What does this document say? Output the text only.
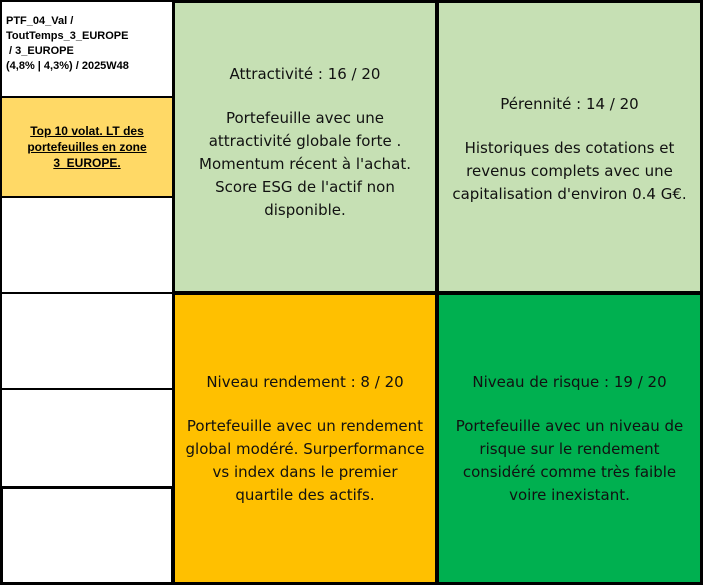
PTF_04_Val /
ToutTemps_3_EUROPE
/ 3_EUROPE
(4,8% | 4,3%) / 2025W48
Top 10 volat. LT des portefeuilles en zone 3_EUROPE.
Attractivité : 16 / 20
Portefeuille avec une attractivité globale forte . Momentum récent à l'achat. Score ESG de l'actif non disponible.
Pérennité : 14 / 20
Historiques des cotations et revenus complets avec une capitalisation d'environ 0.4 G€.
Niveau rendement : 8 / 20
Portefeuille avec un rendement global modéré. Surperformance vs index dans le premier quartile des actifs.
Niveau de risque : 19 / 20
Portefeuille avec un niveau de risque sur le rendement considéré comme très faible voire inexistant.
